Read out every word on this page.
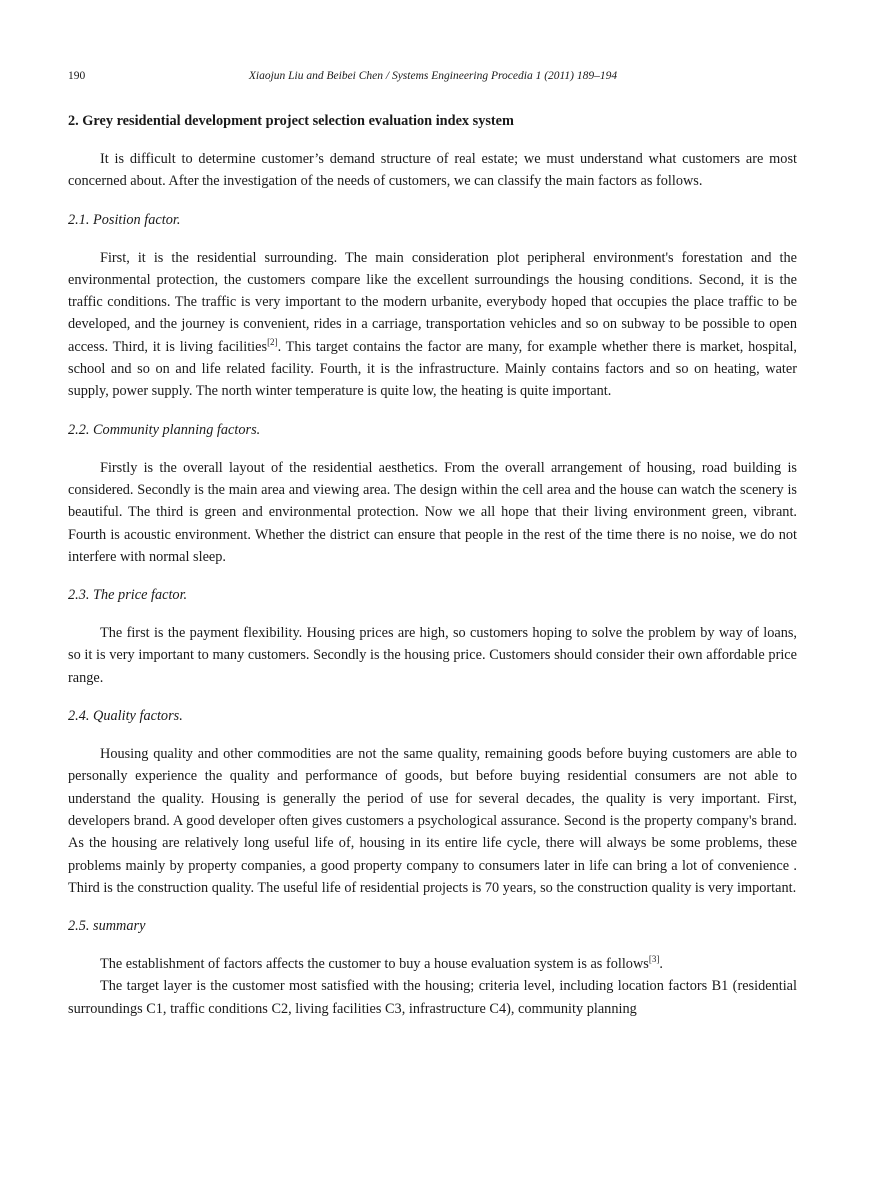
190	Xiaojun Liu and Beibei Chen / Systems Engineering Procedia 1 (2011) 189–194
2. Grey residential development project selection evaluation index system

It is difficult to determine customer’s demand structure of real estate; we must understand what customers are most concerned about. After the investigation of the needs of customers, we can classify the main factors as follows.

2.1. Position factor.

First, it is the residential surrounding. The main consideration plot peripheral environment's forestation and the environmental protection, the customers compare like the excellent surroundings the housing conditions. Second, it is the traffic conditions. The traffic is very important to the modern urbanite, everybody hoped that occupies the place traffic to be developed, and the journey is convenient, rides in a carriage, transportation vehicles and so on subway to be possible to open access. Third, it is living facilities[2]. This target contains the factor are many, for example whether there is market, hospital, school and so on and life related facility. Fourth, it is the infrastructure. Mainly contains factors and so on heating, water supply, power supply. The north winter temperature is quite low, the heating is quite important.

2.2. Community planning factors.

Firstly is the overall layout of the residential aesthetics. From the overall arrangement of housing, road building is considered. Secondly is the main area and viewing area. The design within the cell area and the house can watch the scenery is beautiful. The third is green and environmental protection. Now we all hope that their living environment green, vibrant. Fourth is acoustic environment. Whether the district can ensure that people in the rest of the time there is no noise, we do not interfere with normal sleep.

2.3. The price factor.

The first is the payment flexibility. Housing prices are high, so customers hoping to solve the problem by way of loans, so it is very important to many customers. Secondly is the housing price. Customers should consider their own affordable price range.

2.4. Quality factors.

Housing quality and other commodities are not the same quality, remaining goods before buying customers are able to personally experience the quality and performance of goods, but before buying residential consumers are not able to understand the quality. Housing is generally the period of use for several decades, the quality is very important. First, developers brand. A good developer often gives customers a psychological assurance. Second is the property company's brand. As the housing are relatively long useful life of, housing in its entire life cycle, there will always be some problems, these problems mainly by property companies, a good property company to consumers later in life can bring a lot of convenience . Third is the construction quality. The useful life of residential projects is 70 years, so the construction quality is very important.

2.5. summary

The establishment of factors affects the customer to buy a house evaluation system is as follows[3].

The target layer is the customer most satisfied with the housing; criteria level, including location factors B1 (residential surroundings C1, traffic conditions C2, living facilities C3, infrastructure C4), community planning
